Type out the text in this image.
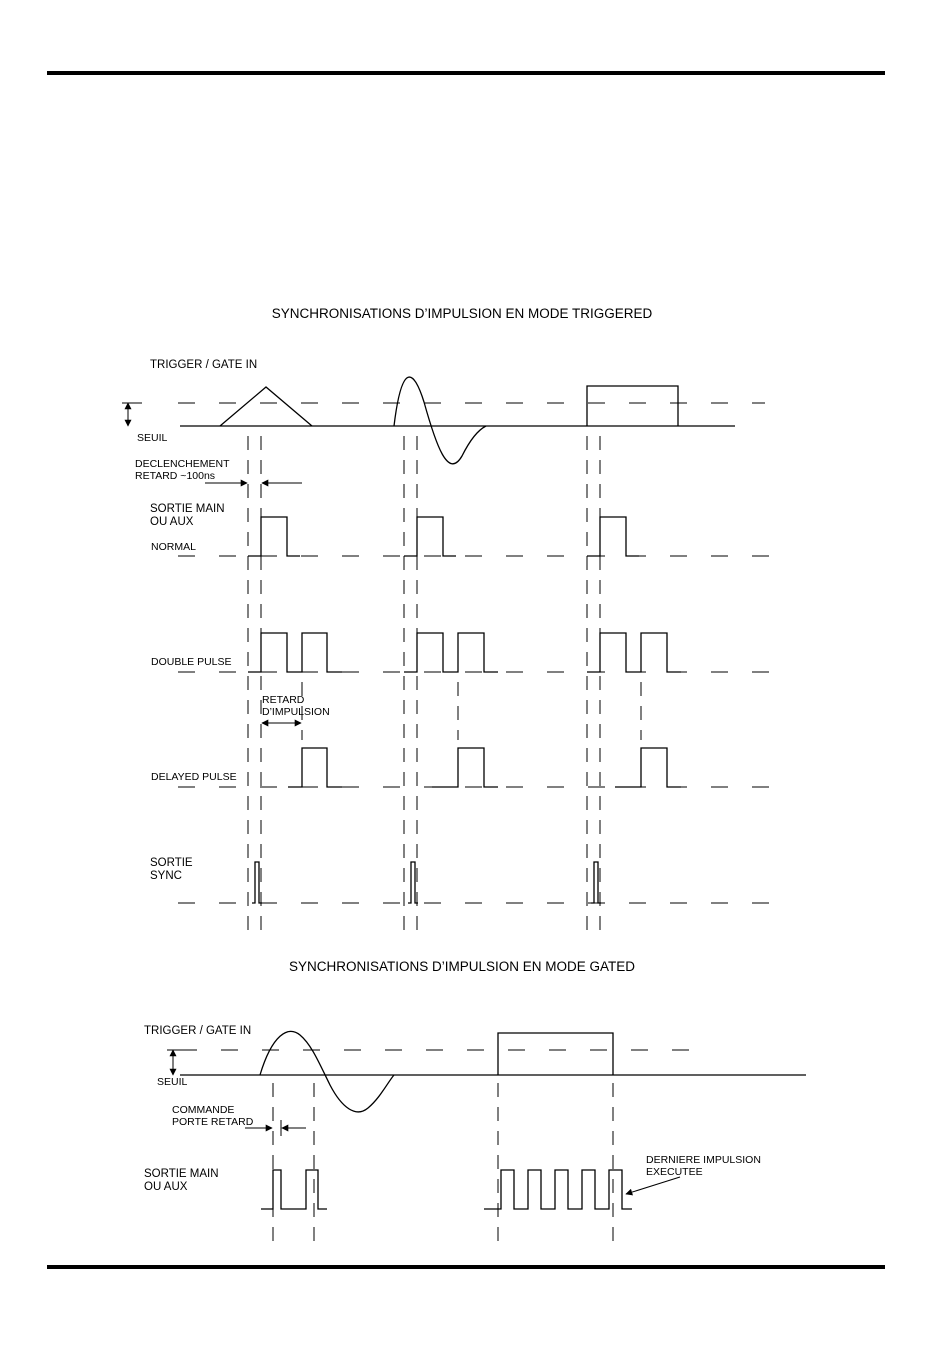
SYNCHRONISATIONS D’IMPULSION EN MODE TRIGGERED
TRIGGER / GATE IN
SEUIL
DECLENCHEMENT
RETARD ~100ns
SORTIE MAIN
OU AUX
NORMAL
DOUBLE PULSE
RETARD
D’IMPULSION
DELAYED PULSE
SORTIE
SYNC
SYNCHRONISATIONS D’IMPULSION EN MODE GATED
TRIGGER / GATE IN
SEUIL
COMMANDE
PORTE RETARD
SORTIE MAIN
OU AUX
DERNIERE IMPULSION
EXECUTEE
